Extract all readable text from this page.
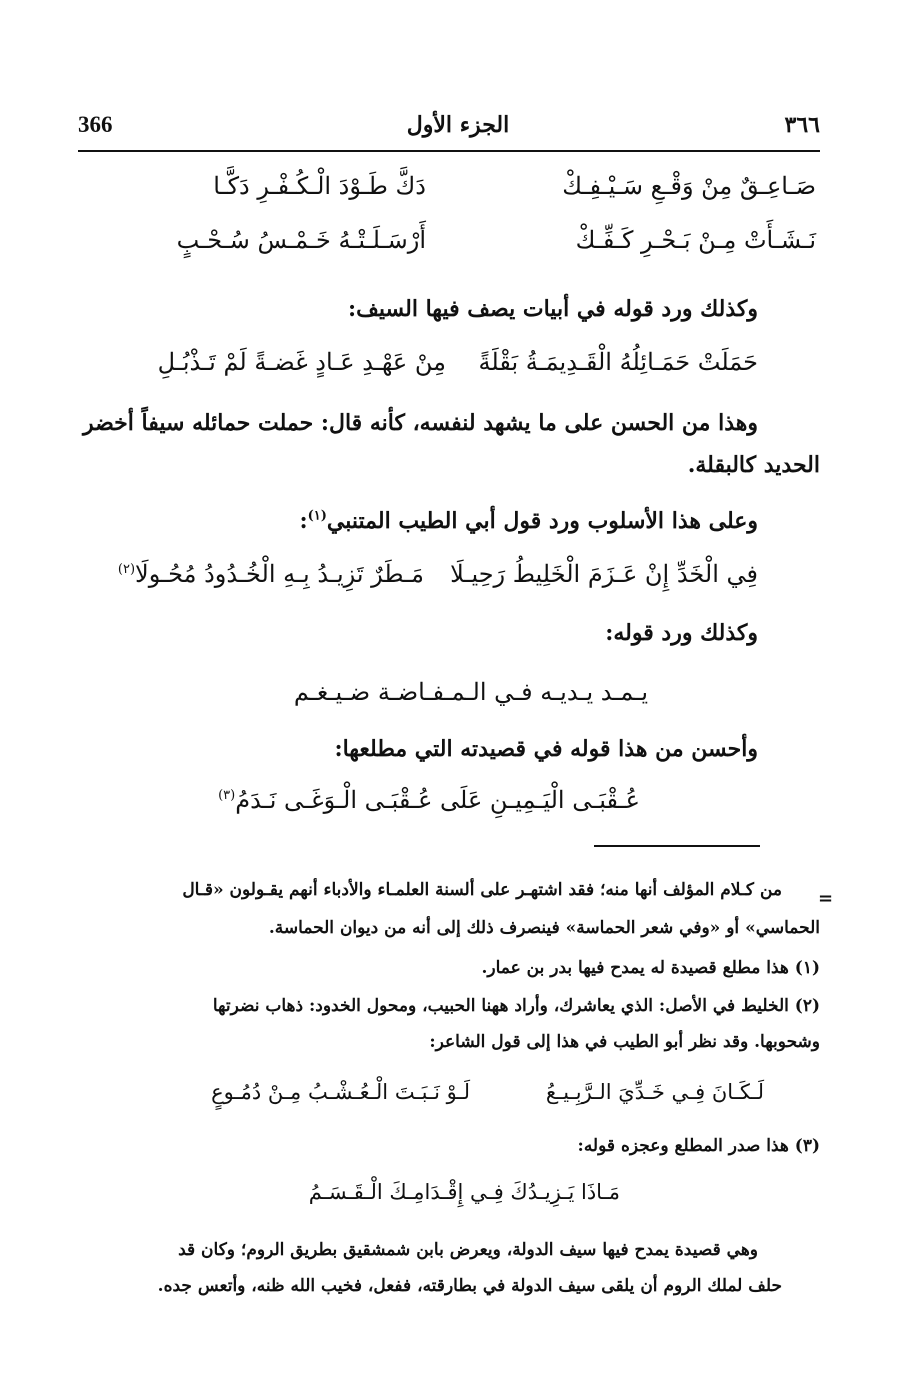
366	الجزء الأول	٣٦٦
دَكَّ طَـوْدَ الْـكُـفْـرِ دَكَّـا	صَـاعِـقٌ مِنْ وَقْـعِ سَـيْـفِـكْ
أَرْسَـلَـتْـهُ خَـمْـسُ سُـحْـبٍ	نَـشَـأَتْ مِـنْ بَـحْـرِ كَـفِّـكْ
وكذلك ورد قوله في أبيات يصف فيها السيف:
حَمَلَتْ حَمَـائِلُهُ الْقَـدِيمَـةُ بَقْلَةً
مِنْ عَهْـدِ عَـادٍ غَضـةً لَمْ تَـذْبُـلِ
وهذا من الحسن على ما يشهد لنفسه، كأنه قال: حملت حمائله سيفاً أخضر
الحديد كالبقلة.
وعلى هذا الأسلوب ورد قول أبي الطيب المتنبي$^{(١)}$:
فِي الْخَدِّ إِنْ عَـزَمَ الْخَلِيطُ رَحِيـلَا
مَـطَرٌ تَزِيـدُ بِـهِ الْخُـدُودُ مُحُـولَا$^{(٢)}$
وكذلك ورد قوله:
يـمـد يـديـه فـي الـمـفـاضـة ضـيـغـم
وأحسن من هذا قوله في قصيدته التي مطلعها:
عُـقْبَـى الْيَـمِيـنِ عَلَى عُـقْبَـى الْـوَغَـى نَـدَمُ$^{(٣)}$
=
من كـلام المؤلف أنها منه؛ فقد اشتهـر على ألسنة العلمـاء والأدباء أنهم يقـولون «قـال
الحماسي» أو «وفي شعر الحماسة» فينصرف ذلك إلى أنه من ديوان الحماسة.
(١) هذا مطلع قصيدة له يمدح فيها بدر بن عمار.
(٢) الخليط في الأصل: الذي يعاشرك، وأراد ههنا الحبيب، ومحول الخدود: ذهاب نضرتها
وشحوبها. وقد نظر أبو الطيب في هذا إلى قول الشاعر:
لَـوْ نَـبَـتَ الْـعُـشْـبُ مِـنْ دُمُـوعٍ	لَـكَـانَ فِـي خَـدِّيَ الـرَّبِـيـعُ
(٣) هذا صدر المطلع وعجزه قوله:
مَـاذَا يَـزِيـدُكَ فِـي إِقْـدَامِـكَ الْـقَـسَـمُ
وهي قصيدة يمدح فيها سيف الدولة، ويعرض بابن شمشقيق بطريق الروم؛ وكان قد
حلف لملك الروم أن يلقى سيف الدولة في بطارقته، ففعل، فخيب الله ظنه، وأتعس جده.
